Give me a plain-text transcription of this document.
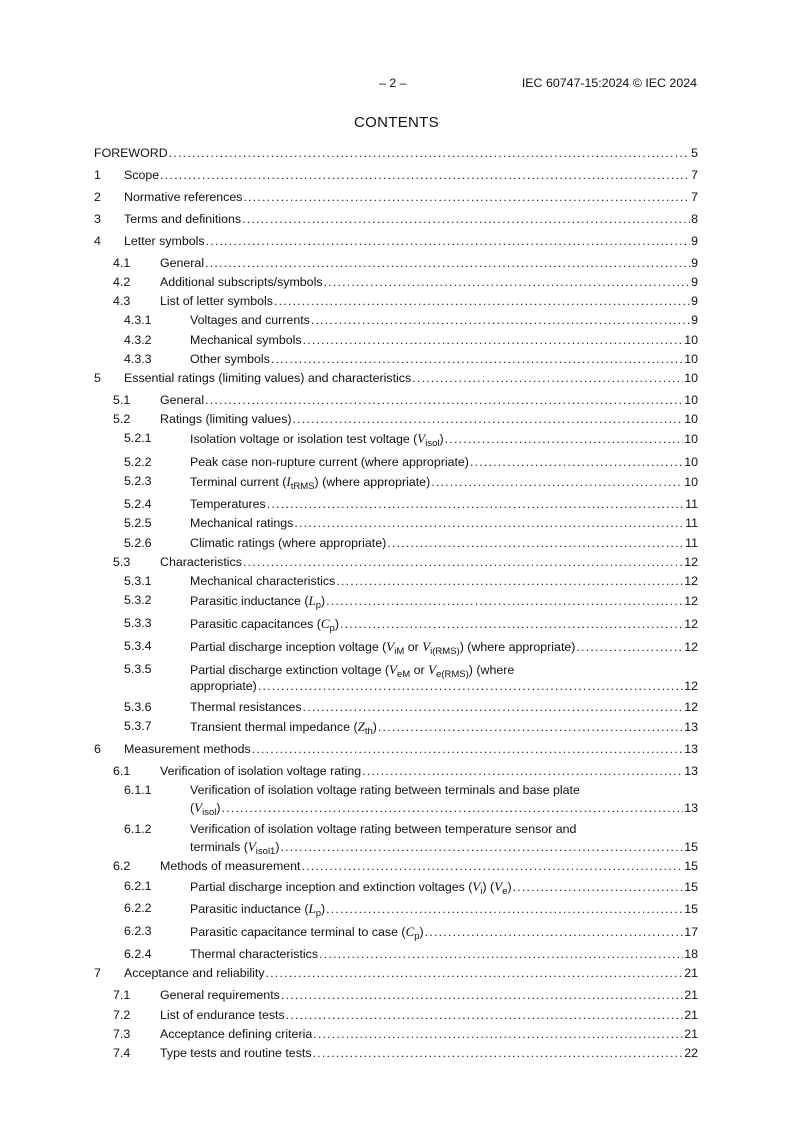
– 2 –	IEC 60747-15:2024 © IEC 2024
CONTENTS
FOREWORD .....	5
1 Scope .....	7
2 Normative references .....	7
3 Terms and definitions .....	8
4 Letter symbols .....	9
4.1 General .....	9
4.2 Additional subscripts/symbols .....	9
4.3 List of letter symbols .....	9
4.3.1	Voltages and currents .....	9
4.3.2	Mechanical symbols .....	10
4.3.3	Other symbols .....	10
5 Essential ratings (limiting values) and characteristics .....	10
5.1 General .....	10
5.2 Ratings (limiting values) .....	10
5.2.1	Isolation voltage or isolation test voltage $(V_{isol})$ .....	10
5.2.2	Peak case non-rupture current (where appropriate) .....	10
5.2.3	Terminal current $(I_{tRMS})$ (where appropriate) .....	10
5.2.4	Temperatures .....	11
5.2.5	Mechanical ratings .....	11
5.2.6	Climatic ratings (where appropriate) .....	11
5.3 Characteristics .....	12
5.3.1	Mechanical characteristics .....	12
5.3.2	Parasitic inductance $(L_p)$ .....	12
5.3.3	Parasitic capacitances $(C_p)$ .....	12
5.3.4	Partial discharge inception voltage ($V_{iM}$ or $V_{i(RMS)}$) (where appropriate) .....	12
5.3.5	Partial discharge extinction voltage ($V_{eM}$ or $V_{e(RMS)}$) (where
appropriate) .....	12
5.3.6	Thermal resistances .....	12
5.3.7	Transient thermal impedance $(Z_{th})$ .....	13
6 Measurement methods .....	13
6.1 Verification of isolation voltage rating .....	13
6.1.1	Verification of isolation voltage rating between terminals and base plate
$(V_{isol})$ .....	13
6.1.2	Verification of isolation voltage rating between temperature sensor and
terminals $(V_{isol1})$ .....	15
6.2 Methods of measurement .....	15
6.2.1	Partial discharge inception and extinction voltages $(V_i)$ $(V_e)$ .....	15
6.2.2	Parasitic inductance $(L_p)$ .....	15
6.2.3	Parasitic capacitance terminal to case $(C_p)$ .....	17
6.2.4	Thermal characteristics .....	18
7 Acceptance and reliability .....	21
7.1 General requirements .....	21
7.2 List of endurance tests .....	21
7.3 Acceptance defining criteria .....	21
7.4 Type tests and routine tests .....	22
